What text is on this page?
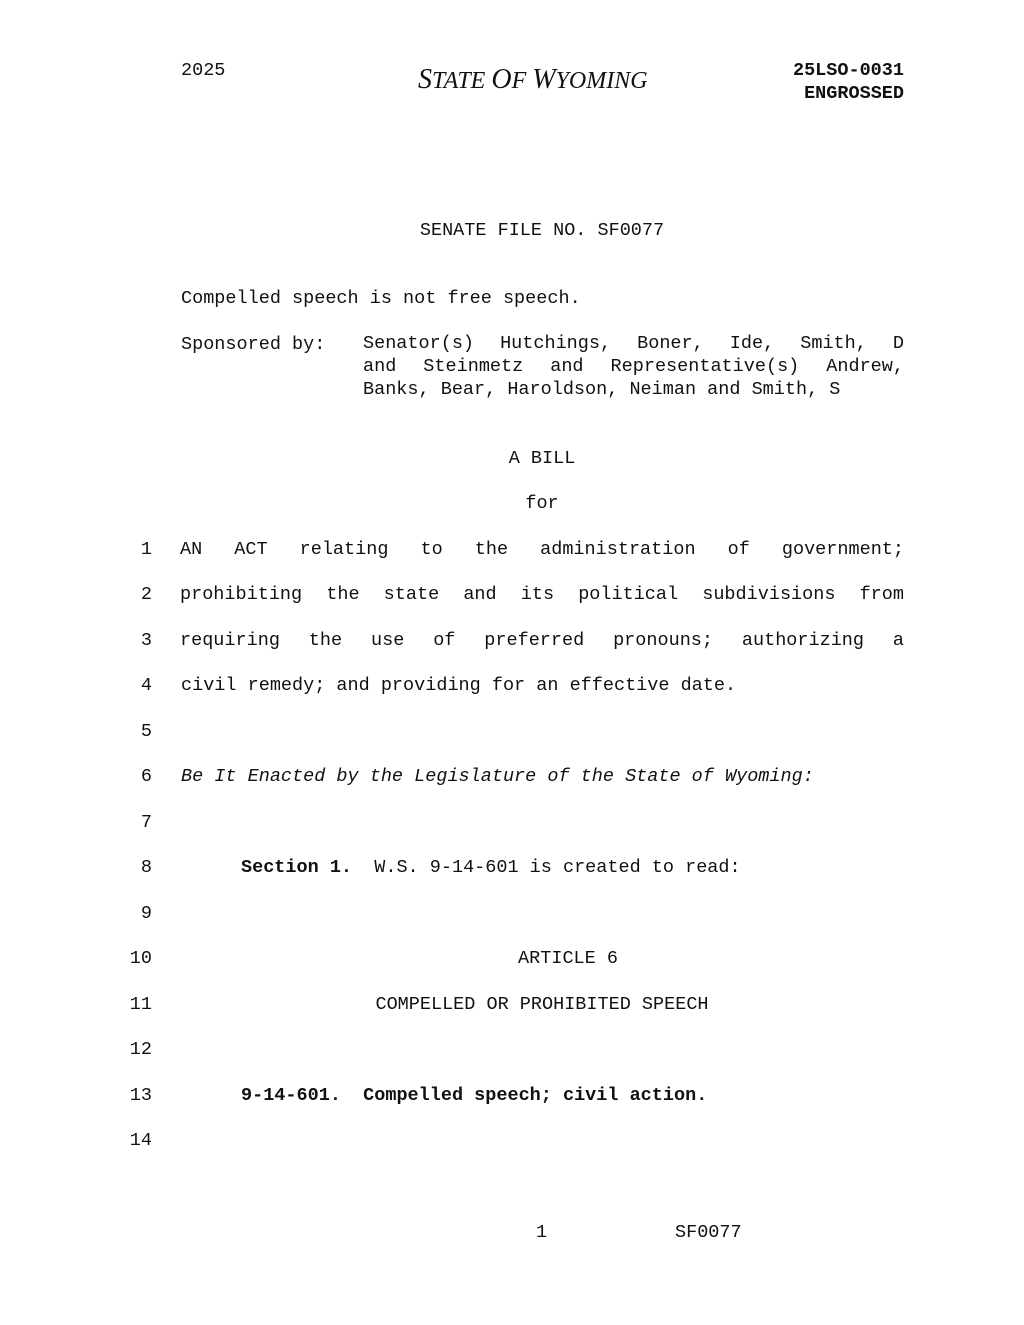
2025	STATE OF WYOMING	25LSO-0031
ENGROSSED
SENATE FILE NO. SF0077
Compelled speech is not free speech.
Sponsored by: Senator(s) Hutchings, Boner, Ide, Smith, D
and Steinmetz and Representative(s) Andrew,
Banks, Bear, Haroldson, Neiman and Smith, S
A BILL
for
1 AN ACT relating to the administration of government;
2 prohibiting the state and its political subdivisions from
3 requiring the use of preferred pronouns; authorizing a
4 civil remedy; and providing for an effective date.
5
6 Be It Enacted by the Legislature of the State of Wyoming:
7
8	Section 1. W.S. 9-14-601 is created to read:
9
10	ARTICLE 6
11	COMPELLED OR PROHIBITED SPEECH
12
13	9-14-601. Compelled speech; civil action.
14
1	SF0077
